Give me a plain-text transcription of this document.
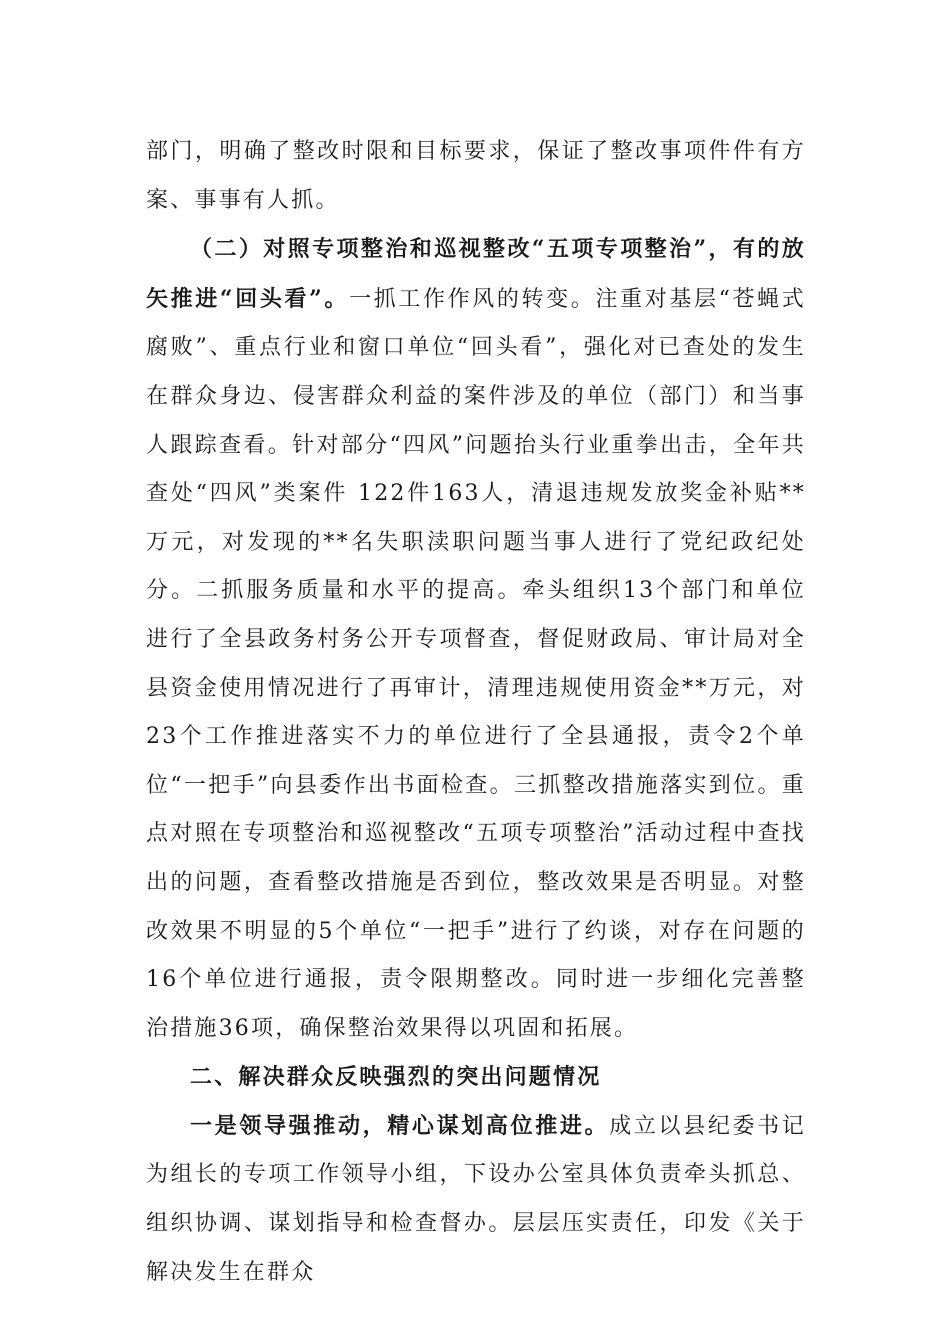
部门，明确了整改时限和目标要求，保证了整改事项件件有方案、事事有人抓。

（二）对照专项整治和巡视整改“五项专项整治”，有的放矢推进“回头看”。一抓工作作风的转变。注重对基层“苍蝇式腐败”、重点行业和窗口单位“回头看”，强化对已查处的发生在群众身边、侵害群众利益的案件涉及的单位（部门）和当事人跟踪查看。针对部分“四风”问题抬头行业重拳出击，全年共查处“四风”类案件 122件163人，清退违规发放奖金补贴**万元，对发现的**名失职渎职问题当事人进行了党纪政纪处分。二抓服务质量和水平的提高。牵头组织13个部门和单位进行了全县政务村务公开专项督查，督促财政局、审计局对全县资金使用情况进行了再审计，清理违规使用资金**万元，对23个工作推进落实不力的单位进行了全县通报，责令2个单位“一把手”向县委作出书面检查。三抓整改措施落实到位。重点对照在专项整治和巡视整改“五项专项整治”活动过程中查找出的问题，查看整改措施是否到位，整改效果是否明显。对整改效果不明显的5个单位“一把手”进行了约谈，对存在问题的16个单位进行通报，责令限期整改。同时进一步细化完善整治措施36项，确保整治效果得以巩固和拓展。

二、解决群众反映强烈的突出问题情况

一是领导强推动，精心谋划高位推进。成立以县纪委书记为组长的专项工作领导小组，下设办公室具体负责牵头抓总、组织协调、谋划指导和检查督办。层层压实责任，印发《关于解决发生在群众
